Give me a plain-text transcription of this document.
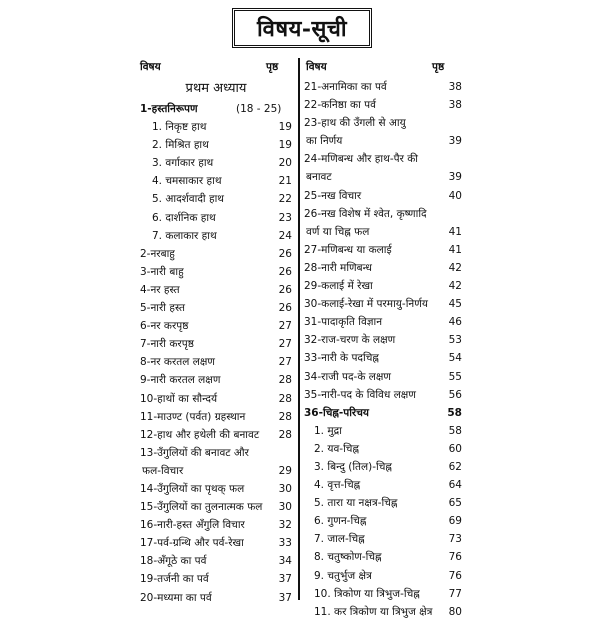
विषय-सूची
विषय	पृष्ठ	विषय	पृष्ठ
प्रथम अध्याय
1-हस्तनिरूपण	(18 - 25)
1. निकृष्ट हाथ	19
2. मिश्रित हाथ	19
3. वर्गाकार हाथ	20
4. चमसाकार हाथ	21
5. आदर्शवादी हाथ	22
6. दार्शनिक हाथ	23
7. कलाकार हाथ	24
2-नरबाहु	26
3-नारी बाहु	26
4-नर हस्त	26
5-नारी हस्त	26
6-नर करपृष्ठ	27
7-नारी करपृष्ठ	27
8-नर करतल लक्षण	27
9-नारी करतल लक्षण	28
10-हाथों का सौन्दर्य	28
11-माउण्ट (पर्वत) ग्रहस्थान	28
12-हाथ और हथेली की बनावट 28
13-उँगुलियों की बनावट और
फल-विचार	29
14-उँगुलियों का पृथक् फल	30
15-उँगुलियों का तुलनात्मक फल 30
16-नारी-हस्त अँगुलि विचार	32
17-पर्व-ग्रन्थि और पर्व-रेखा	33
18-अँगूठे का पर्व	34
19-तर्जनी का पर्व	37
20-मध्यमा का पर्व	37
21-अनामिका का पर्व	38
22-कनिष्ठा का पर्व	38
23-हाथ की उँगली से आयु
का निर्णय	39
24-मणिबन्ध और हाथ-पैर की
बनावट	39
25-नख विचार	40
26-नख विशेष में श्वेत, कृष्णादि
वर्ण या चिह्न फल	41
27-मणिबन्ध या कलाई	41
28-नारी मणिबन्ध	42
29-कलाई में रेखा	42
30-कलाई-रेखा में परमायु-निर्णय 45
31-पादाकृति विज्ञान	46
32-राज-चरण के लक्षण	53
33-नारी के पदचिह्न	54
34-राजी पद-के लक्षण	55
35-नारी-पद के विविध लक्षण	56
36-चिह्न-परिचय	58
1. मुद्रा	58
2. यव-चिह्न	60
3. बिन्दु (तिल)-चिह्न	62
4. वृत्त-चिह्न	64
5. तारा या नक्षत्र-चिह्न	65
6. गुणन-चिह्न	69
7. जाल-चिह्न	73
8. चतुष्कोण-चिह्न	76
9. चतुर्भुज क्षेत्र	76
10. त्रिकोण या त्रिभुज-चिह्न	77
11. कर त्रिकोण या त्रिभुज क्षेत्र 80
